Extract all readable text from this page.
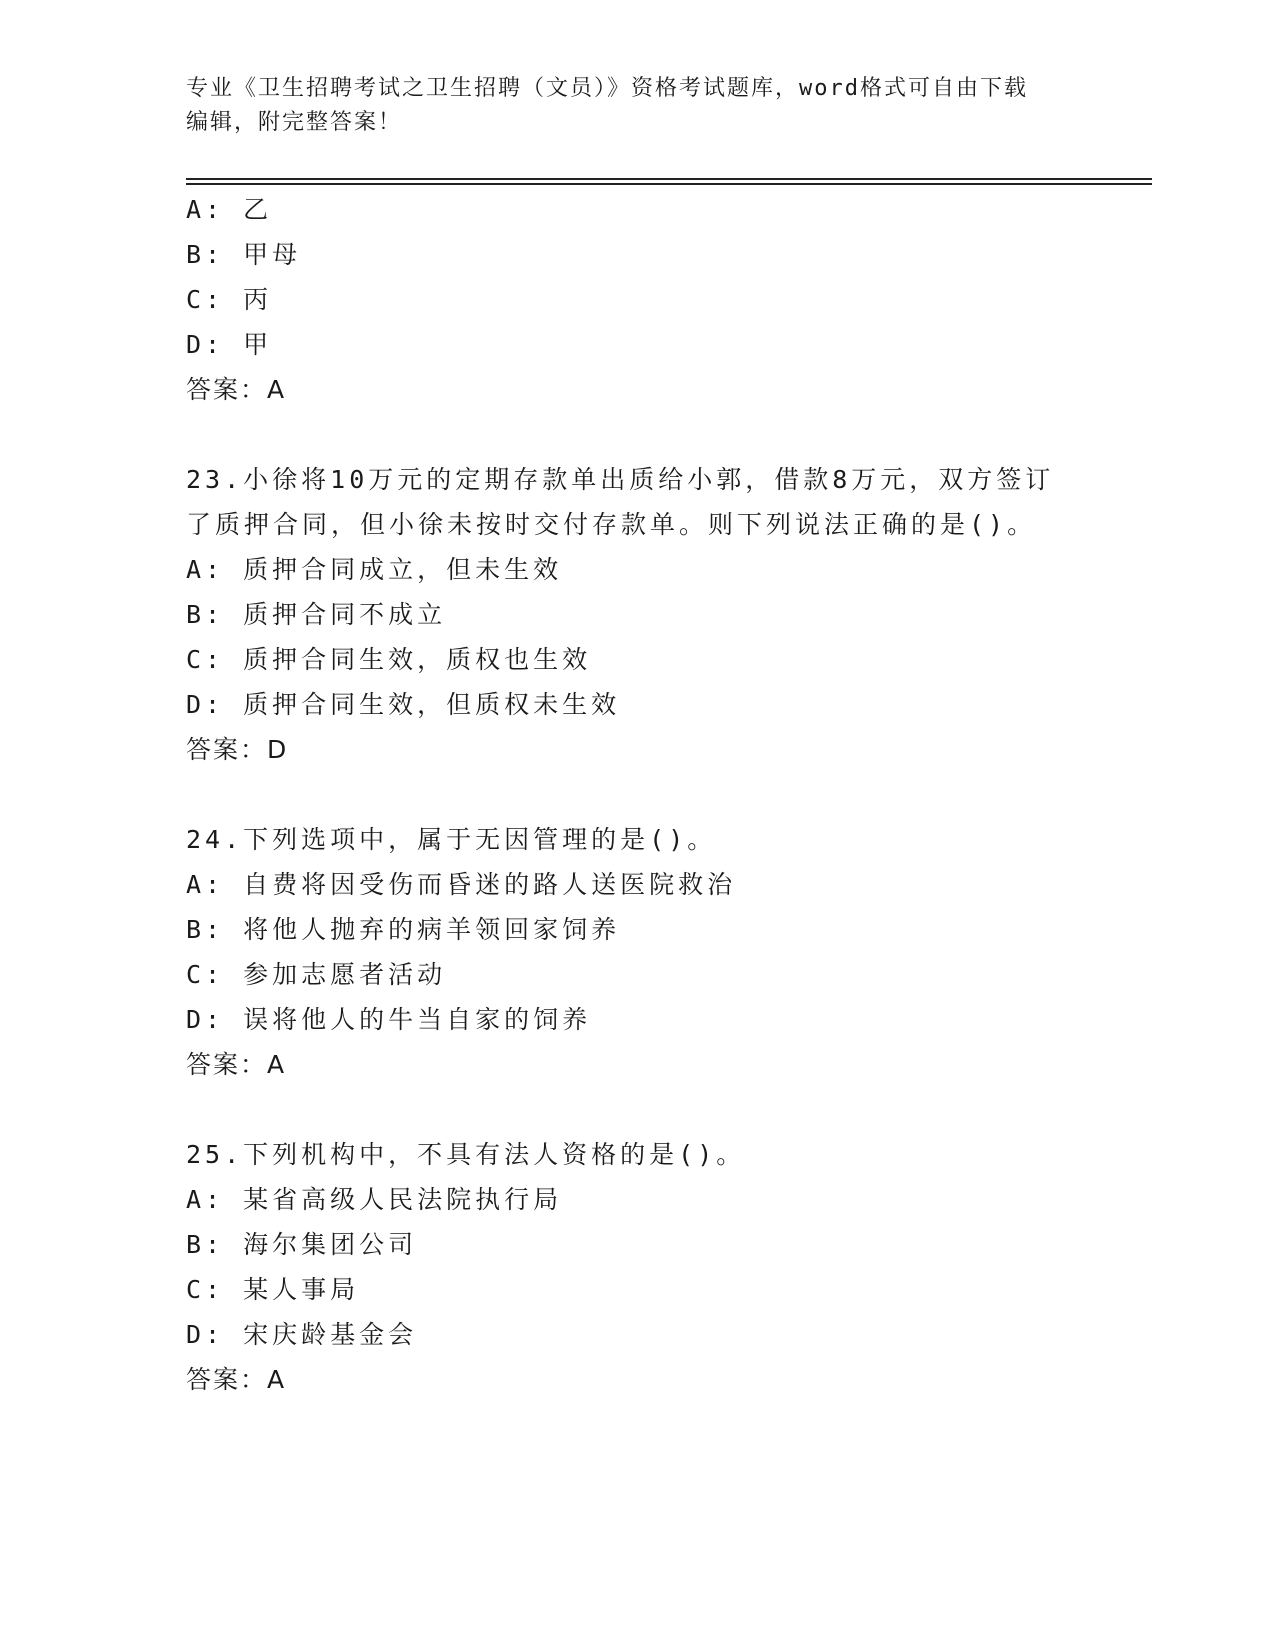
专业《卫生招聘考试之卫生招聘（文员）》资格考试题库，word格式可自由下载
编辑，附完整答案！
A: 乙
B: 甲母
C: 丙
D: 甲
答案：A
23.小徐将10万元的定期存款单出质给小郭，借款8万元，双方签订
了质押合同，但小徐未按时交付存款单。则下列说法正确的是()。
A: 质押合同成立，但未生效
B: 质押合同不成立
C: 质押合同生效，质权也生效
D: 质押合同生效，但质权未生效
答案：D
24.下列选项中，属于无因管理的是()。
A: 自费将因受伤而昏迷的路人送医院救治
B: 将他人抛弃的病羊领回家饲养
C: 参加志愿者活动
D: 误将他人的牛当自家的饲养
答案：A
25.下列机构中，不具有法人资格的是()。
A: 某省高级人民法院执行局
B: 海尔集团公司
C: 某人事局
D: 宋庆龄基金会
答案：A
